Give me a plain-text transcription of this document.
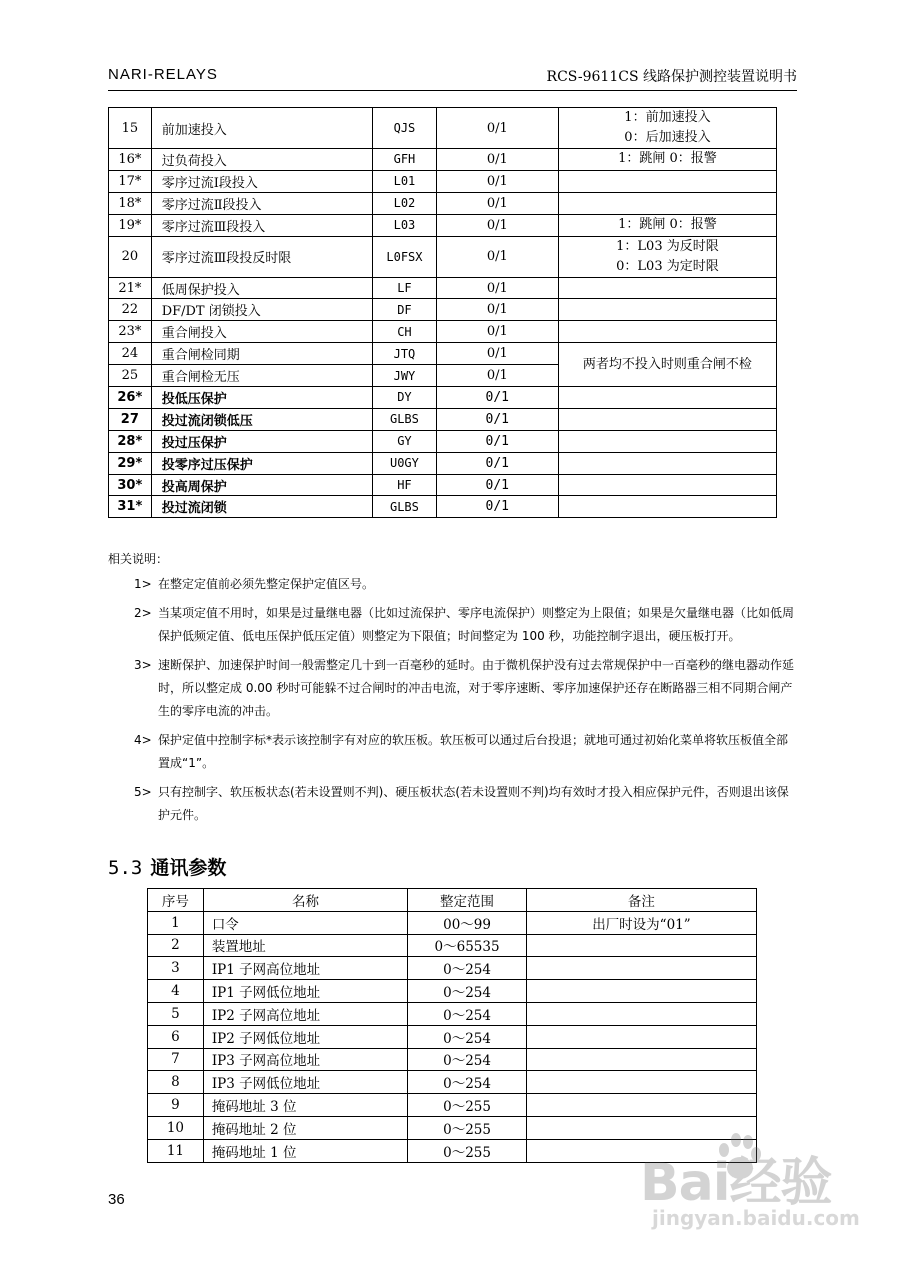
NARI-RELAYS	RCS-9611CS 线路保护测控装置说明书
15	前加速投入	QJS	0/1	1：前加速投入
0：后加速投入

16*	过负荷投入	GFH	0/1	1：跳闸 0：报警

17*	零序过流Ⅰ段投入	L01	0/1	

18*	零序过流Ⅱ段投入	L02	0/1	

19*	零序过流Ⅲ段投入	L03	0/1	1：跳闸 0：报警

20	零序过流Ⅲ段投反时限	L0FSX	0/1	1：L03 为反时限
0：L03 为定时限

21*	低周保护投入	LF	0/1	

22	DF/DT 闭锁投入	DF	0/1	

23*	重合闸投入	CH	0/1	

24	重合闸检同期	JTQ	0/1	两者均不投入时则重合闸不检

25	重合闸检无压	JWY	0/1	
26*	投低压保护	DY	0/1	

27	投过流闭锁低压	GLBS	0/1	

28*	投过压保护	GY	0/1	

29*	投零序过压保护	U0GY	0/1	

30*	投高周保护	HF	0/1	

31*	投过流闭锁	GLBS	0/1	
相关说明：
1> 在整定定值前必须先整定保护定值区号。
2> 当某项定值不用时，如果是过量继电器（比如过流保护、零序电流保护）则整定为上限值；如果是欠量继电器（比如低周保护低频定值、低电压保护低压定值）则整定为下限值；时间整定为 100 秒，功能控制字退出，硬压板打开。
3> 速断保护、加速保护时间一般需整定几十到一百毫秒的延时。由于微机保护没有过去常规保护中一百毫秒的继电器动作延时，所以整定成 0.00 秒时可能躲不过合闸时的冲击电流，对于零序速断、零序加速保护还存在断路器三相不同期合闸产生的零序电流的冲击。
4> 保护定值中控制字标*表示该控制字有对应的软压板。软压板可以通过后台投退；就地可通过初始化菜单将软压板值全部置成“1”。
5> 只有控制字、软压板状态(若未设置则不判)、硬压板状态(若未设置则不判)均有效时才投入相应保护元件，否则退出该保护元件。
5.3 通讯参数
序号	名称	整定范围	备注
1	口令	00～99	出厂时设为“01”
2	装置地址	0～65535	
3	IP1 子网高位地址	0～254	
4	IP1 子网低位地址	0～254	
5	IP2 子网高位地址	0～254	
6	IP2 子网低位地址	0～254	
7	IP3 子网高位地址	0～254	
8	IP3 子网低位地址	0～254	
9	掩码地址 3 位	0～255	
10	掩码地址 2 位	0～255	
11	掩码地址 1 位	0～255	
36	Bai经验
jingyan.baidu.com
